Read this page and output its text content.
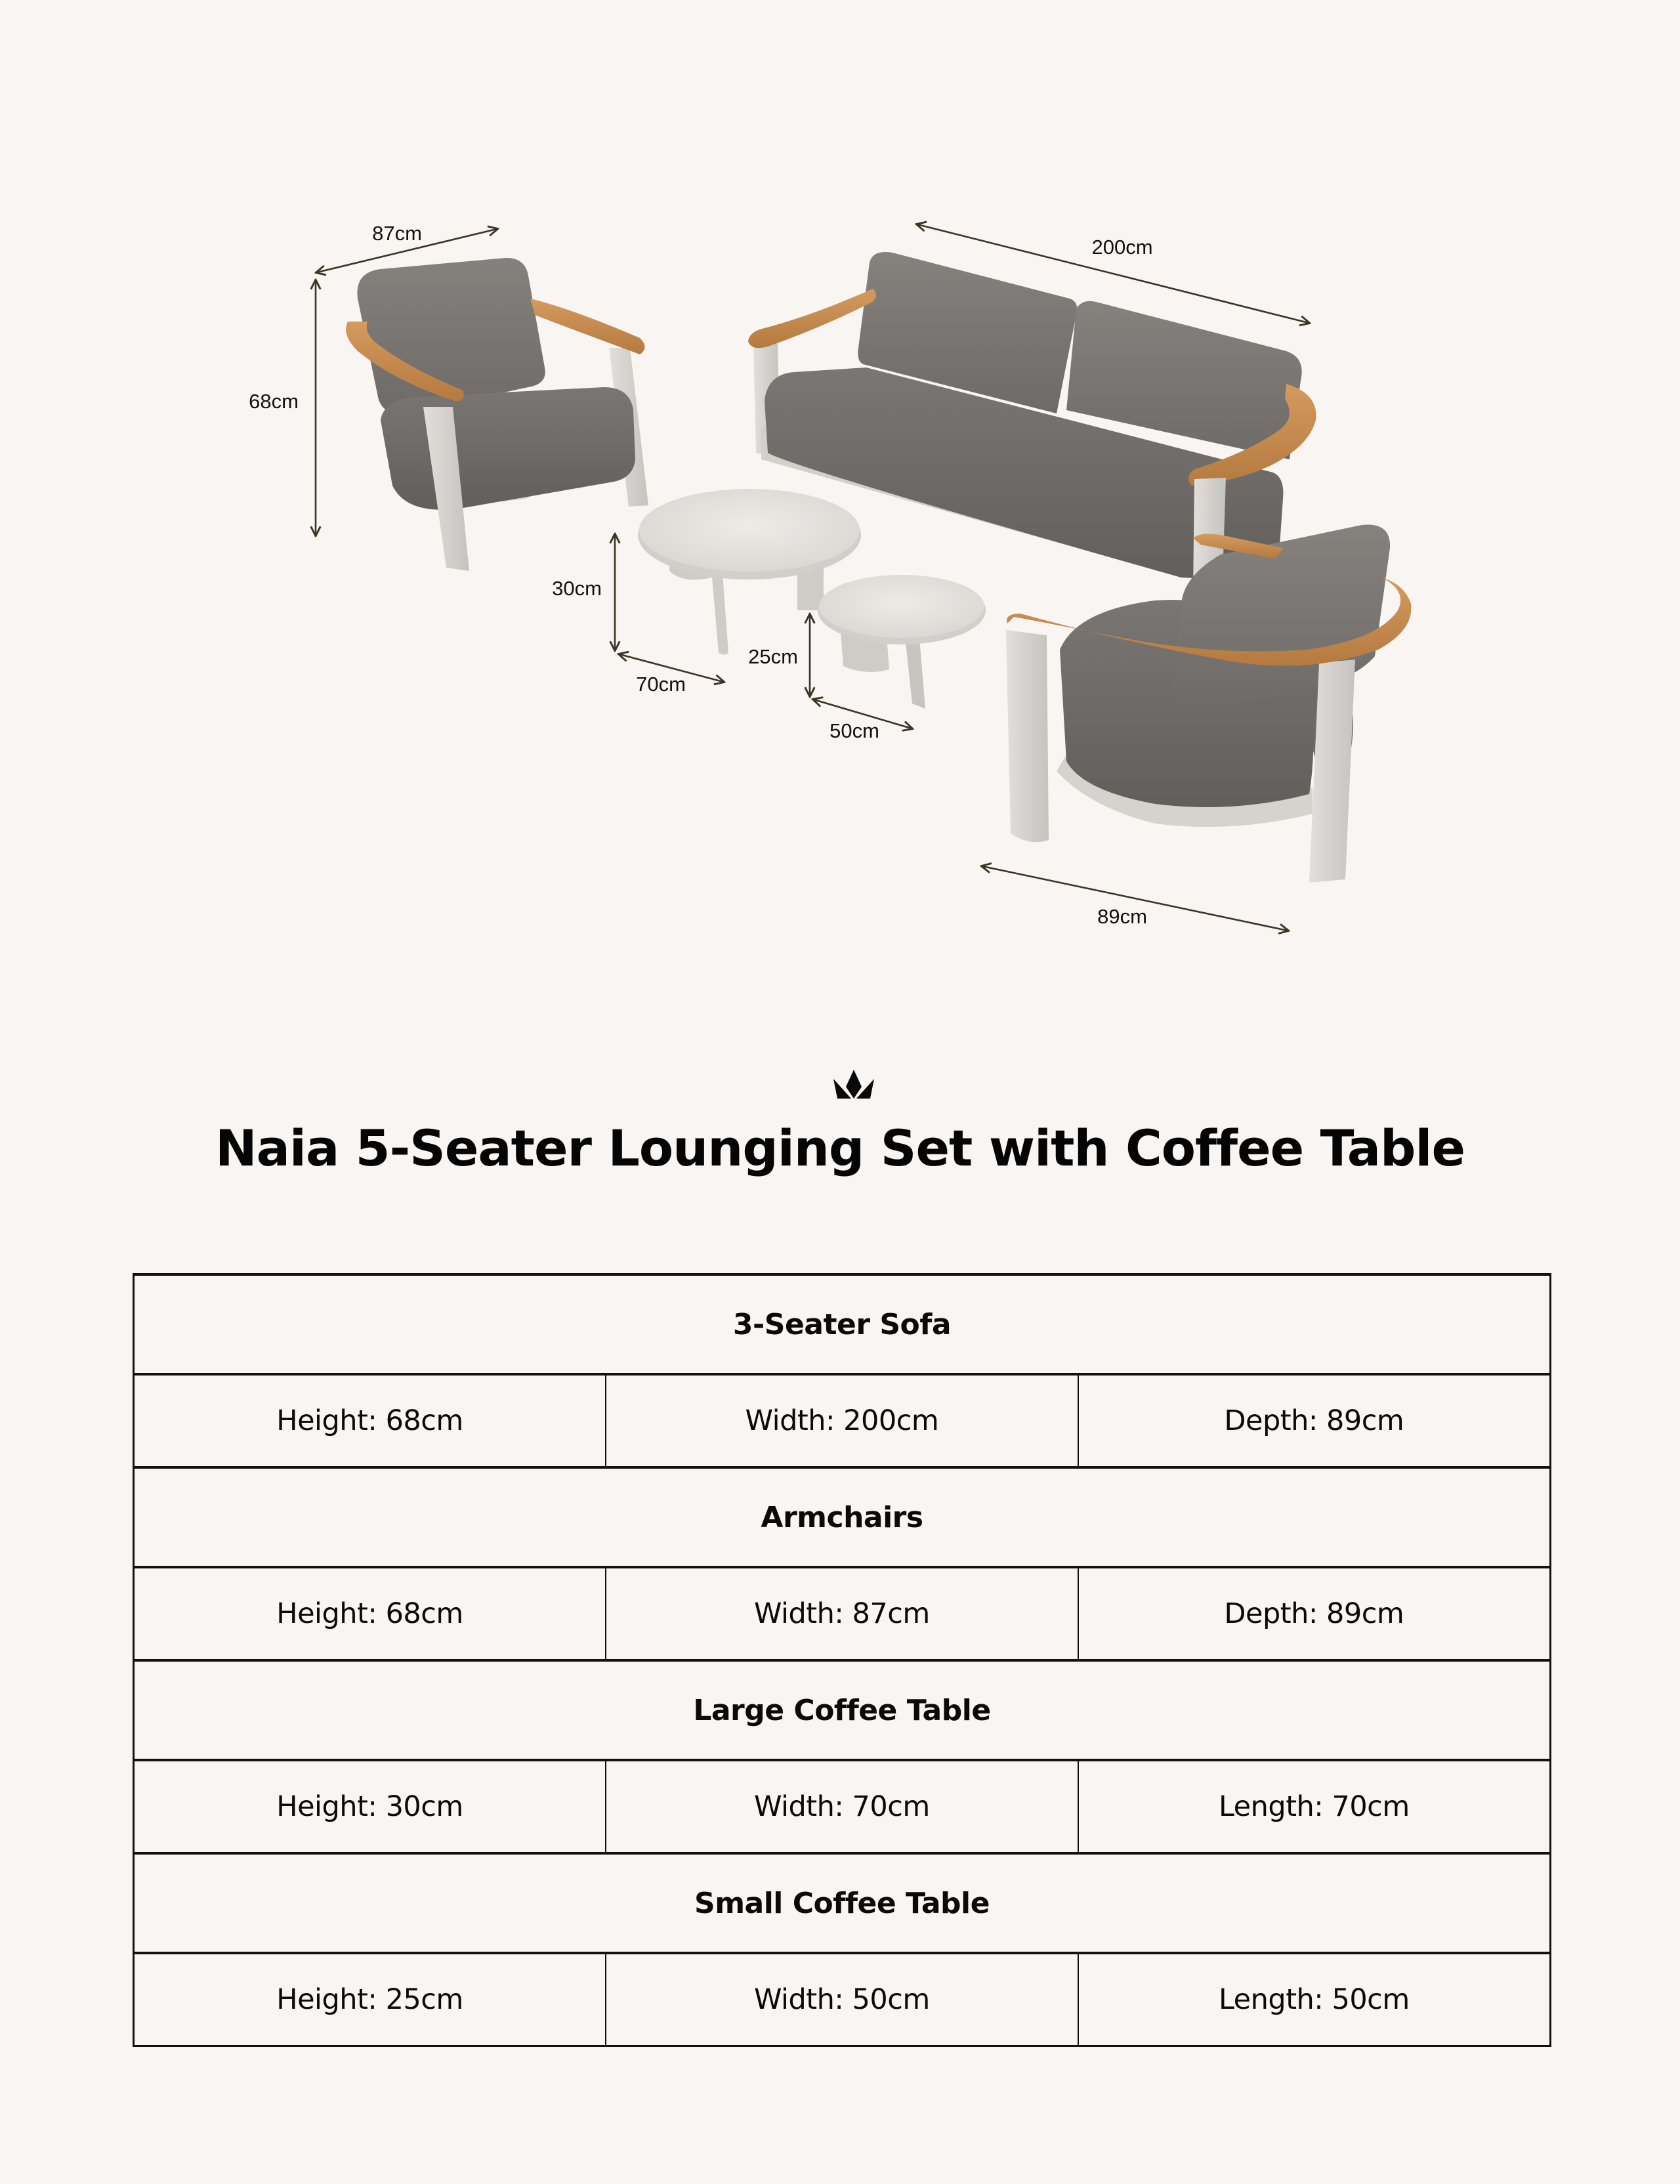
87cm
68cm
200cm
30cm
70cm
25cm
50cm
89cm
Naia 5-Seater Lounging Set with Coffee Table
3-Seater Sofa		
Height: 68cm	Width: 200cm	Depth: 89cm
Armchairs		
Height: 68cm	Width: 87cm	Depth: 89cm
Large Coffee Table		
Height: 30cm	Width: 70cm	Length: 70cm
Small Coffee Table		
Height: 25cm	Width: 50cm	Length: 50cm
